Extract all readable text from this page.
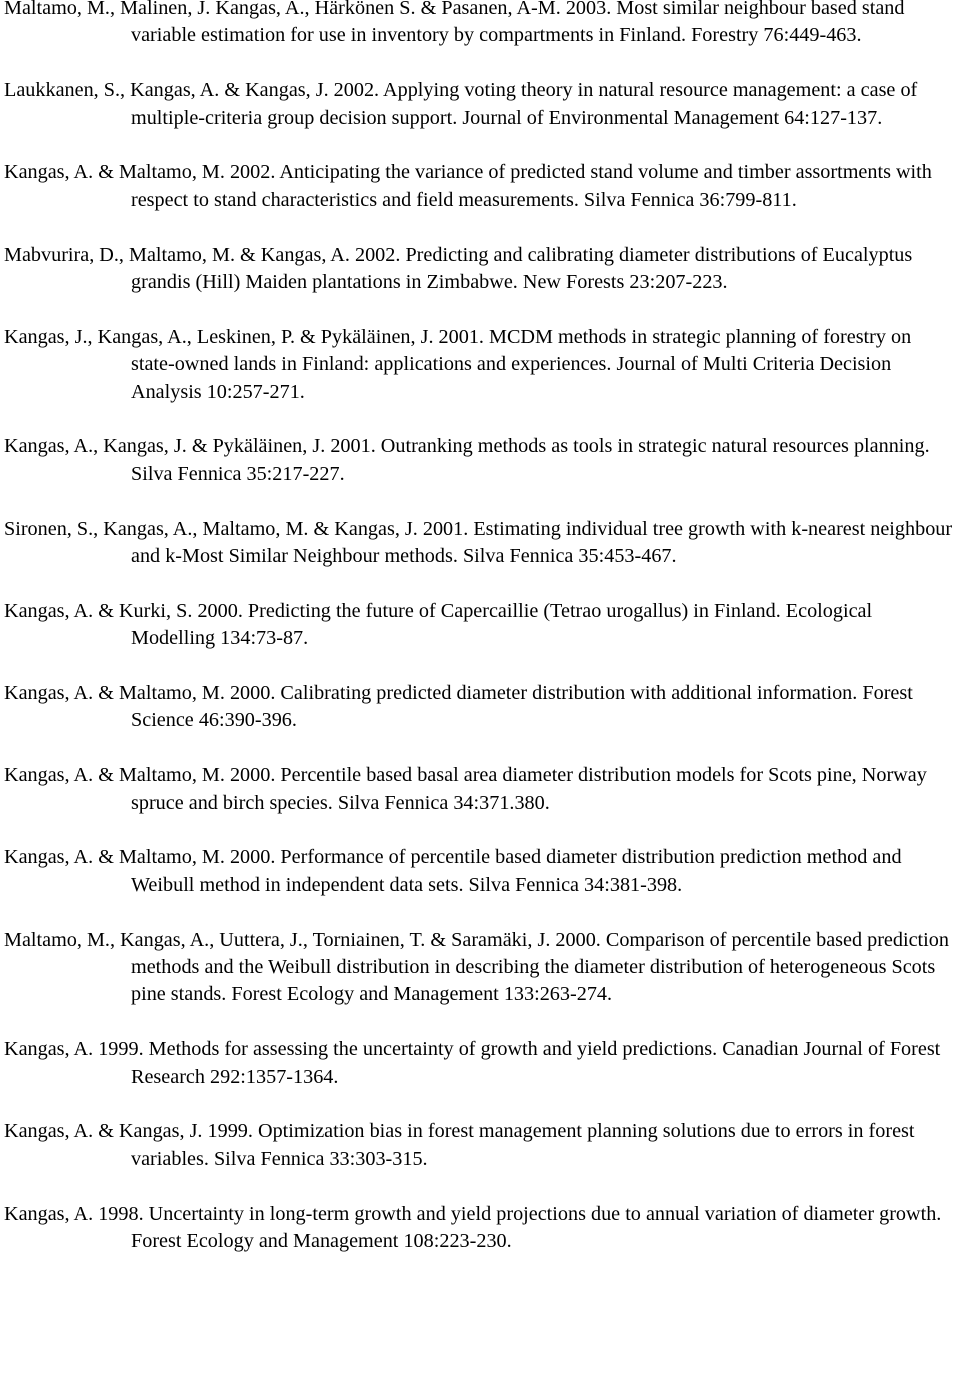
Maltamo, M., Malinen, J. Kangas, A., Härkönen S. & Pasanen, A-M. 2003. Most similar neighbour based stand variable estimation for use in inventory by compartments in Finland. Forestry 76:449-463.

Laukkanen, S., Kangas, A. & Kangas, J. 2002. Applying voting theory in natural resource management: a case of multiple-criteria group decision support. Journal of Environmental Management 64:127-137.

Kangas, A. & Maltamo, M. 2002. Anticipating the variance of predicted stand volume and timber assortments with respect to stand characteristics and field measurements. Silva Fennica 36:799-811.

Mabvurira, D., Maltamo, M. & Kangas, A. 2002. Predicting and calibrating diameter distributions of Eucalyptus grandis (Hill) Maiden plantations in Zimbabwe. New Forests 23:207-223.

Kangas, J., Kangas, A., Leskinen, P. & Pykäläinen, J. 2001. MCDM methods in strategic planning of forestry on state-owned lands in Finland: applications and experiences. Journal of Multi Criteria Decision Analysis 10:257-271.

Kangas, A., Kangas, J. & Pykäläinen, J. 2001. Outranking methods as tools in strategic natural resources planning. Silva Fennica 35:217-227.

Sironen, S., Kangas, A., Maltamo, M. & Kangas, J. 2001. Estimating individual tree growth with k-nearest neighbour and k-Most Similar Neighbour methods. Silva Fennica 35:453-467.

Kangas, A. & Kurki, S. 2000. Predicting the future of Capercaillie (Tetrao urogallus) in Finland. Ecological Modelling 134:73-87.

Kangas, A. & Maltamo, M. 2000. Calibrating predicted diameter distribution with additional information. Forest Science 46:390-396.

Kangas, A. & Maltamo, M. 2000. Percentile based basal area diameter distribution models for Scots pine, Norway spruce and birch species. Silva Fennica 34:371.380.

Kangas, A. & Maltamo, M. 2000. Performance of percentile based diameter distribution prediction method and Weibull method in independent data sets. Silva Fennica 34:381-398.

Maltamo, M., Kangas, A., Uuttera, J., Torniainen, T. & Saramäki, J. 2000. Comparison of percentile based prediction methods and the Weibull distribution in describing the diameter distribution of heterogeneous Scots pine stands. Forest Ecology and Management 133:263-274.

Kangas, A. 1999. Methods for assessing the uncertainty of growth and yield predictions. Canadian Journal of Forest Research 292:1357-1364.

Kangas, A. & Kangas, J. 1999. Optimization bias in forest management planning solutions due to errors in forest variables. Silva Fennica 33:303-315.

Kangas, A. 1998. Uncertainty in long-term growth and yield projections due to annual variation of diameter growth. Forest Ecology and Management 108:223-230.
